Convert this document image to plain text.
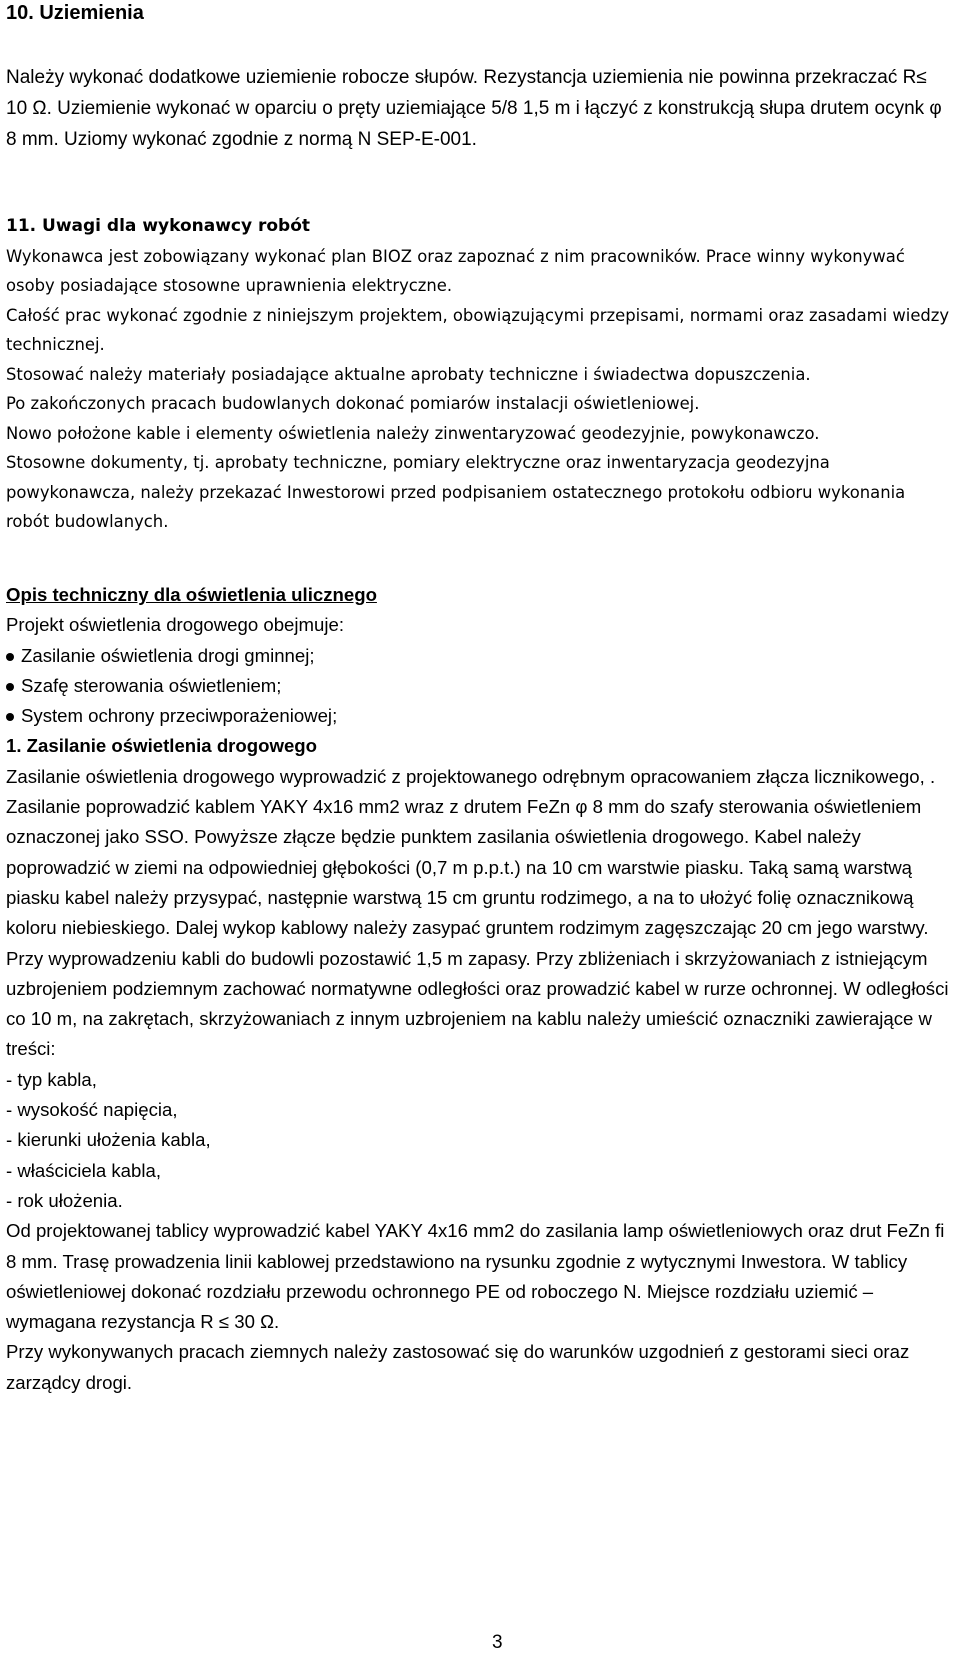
10. Uziemienia

Należy wykonać dodatkowe uziemienie robocze słupów. Rezystancja uziemienia nie powinna przekraczać R≤ 10 Ω. Uziemienie wykonać w oparciu o pręty uziemiające 5/8 1,5 m i łączyć z konstrukcją słupa drutem ocynk φ 8 mm. Uziomy wykonać zgodnie z normą N SEP-E-001.

11. Uwagi dla wykonawcy robót

Wykonawca jest zobowiązany wykonać plan BIOZ oraz zapoznać z nim pracowników. Prace winny wykonywać osoby posiadające stosowne uprawnienia elektryczne.

Całość prac wykonać zgodnie z niniejszym projektem, obowiązującymi przepisami, normami oraz zasadami wiedzy technicznej.

Stosować należy materiały posiadające aktualne aprobaty techniczne i świadectwa dopuszczenia.

Po zakończonych pracach budowlanych dokonać pomiarów instalacji oświetleniowej.

Nowo położone kable i elementy oświetlenia należy zinwentaryzować geodezyjnie, powykonawczo.

Stosowne dokumenty, tj. aprobaty techniczne, pomiary elektryczne oraz inwentaryzacja geodezyjna powykonawcza, należy przekazać Inwestorowi przed podpisaniem ostatecznego protokołu odbioru wykonania robót budowlanych.

Opis techniczny dla oświetlenia ulicznego

Projekt oświetlenia drogowego obejmuje:

Zasilanie oświetlenia drogi gminnej;
Szafę sterowania oświetleniem;
System ochrony przeciwporażeniowej;

1. Zasilanie oświetlenia drogowego

Zasilanie oświetlenia drogowego wyprowadzić z projektowanego odrębnym opracowaniem złącza licznikowego, . Zasilanie poprowadzić kablem YAKY 4x16 mm2 wraz z drutem FeZn φ 8 mm do szafy sterowania oświetleniem oznaczonej jako SSO. Powyższe złącze będzie punktem zasilania oświetlenia drogowego. Kabel należy poprowadzić w ziemi na odpowiedniej głębokości (0,7 m p.p.t.) na 10 cm warstwie piasku. Taką samą warstwą piasku kabel należy przysypać, następnie warstwą 15 cm gruntu rodzimego, a na to ułożyć folię oznacznikową koloru niebieskiego. Dalej wykop kablowy należy zasypać gruntem rodzimym zagęszczając 20 cm jego warstwy. Przy wyprowadzeniu kabli do budowli pozostawić 1,5 m zapasy. Przy zbliżeniach i skrzyżowaniach z istniejącym uzbrojeniem podziemnym zachować normatywne odległości oraz prowadzić kabel w rurze ochronnej. W odległości co 10 m, na zakrętach, skrzyżowaniach z innym uzbrojeniem na kablu należy umieścić oznaczniki zawierające w treści:

- typ kabla,

- wysokość napięcia,

- kierunki ułożenia kabla,

- właściciela kabla,

- rok ułożenia.

Od projektowanej tablicy wyprowadzić kabel YAKY 4x16 mm2 do zasilania lamp oświetleniowych oraz drut FeZn fi 8 mm. Trasę prowadzenia linii kablowej przedstawiono na rysunku zgodnie z wytycznymi Inwestora. W tablicy oświetleniowej dokonać rozdziału przewodu ochronnego PE od roboczego N. Miejsce rozdziału uziemić – wymagana rezystancja R ≤ 30 Ω.

Przy wykonywanych pracach ziemnych należy zastosować się do warunków uzgodnień z gestorami sieci oraz zarządcy drogi.

3
